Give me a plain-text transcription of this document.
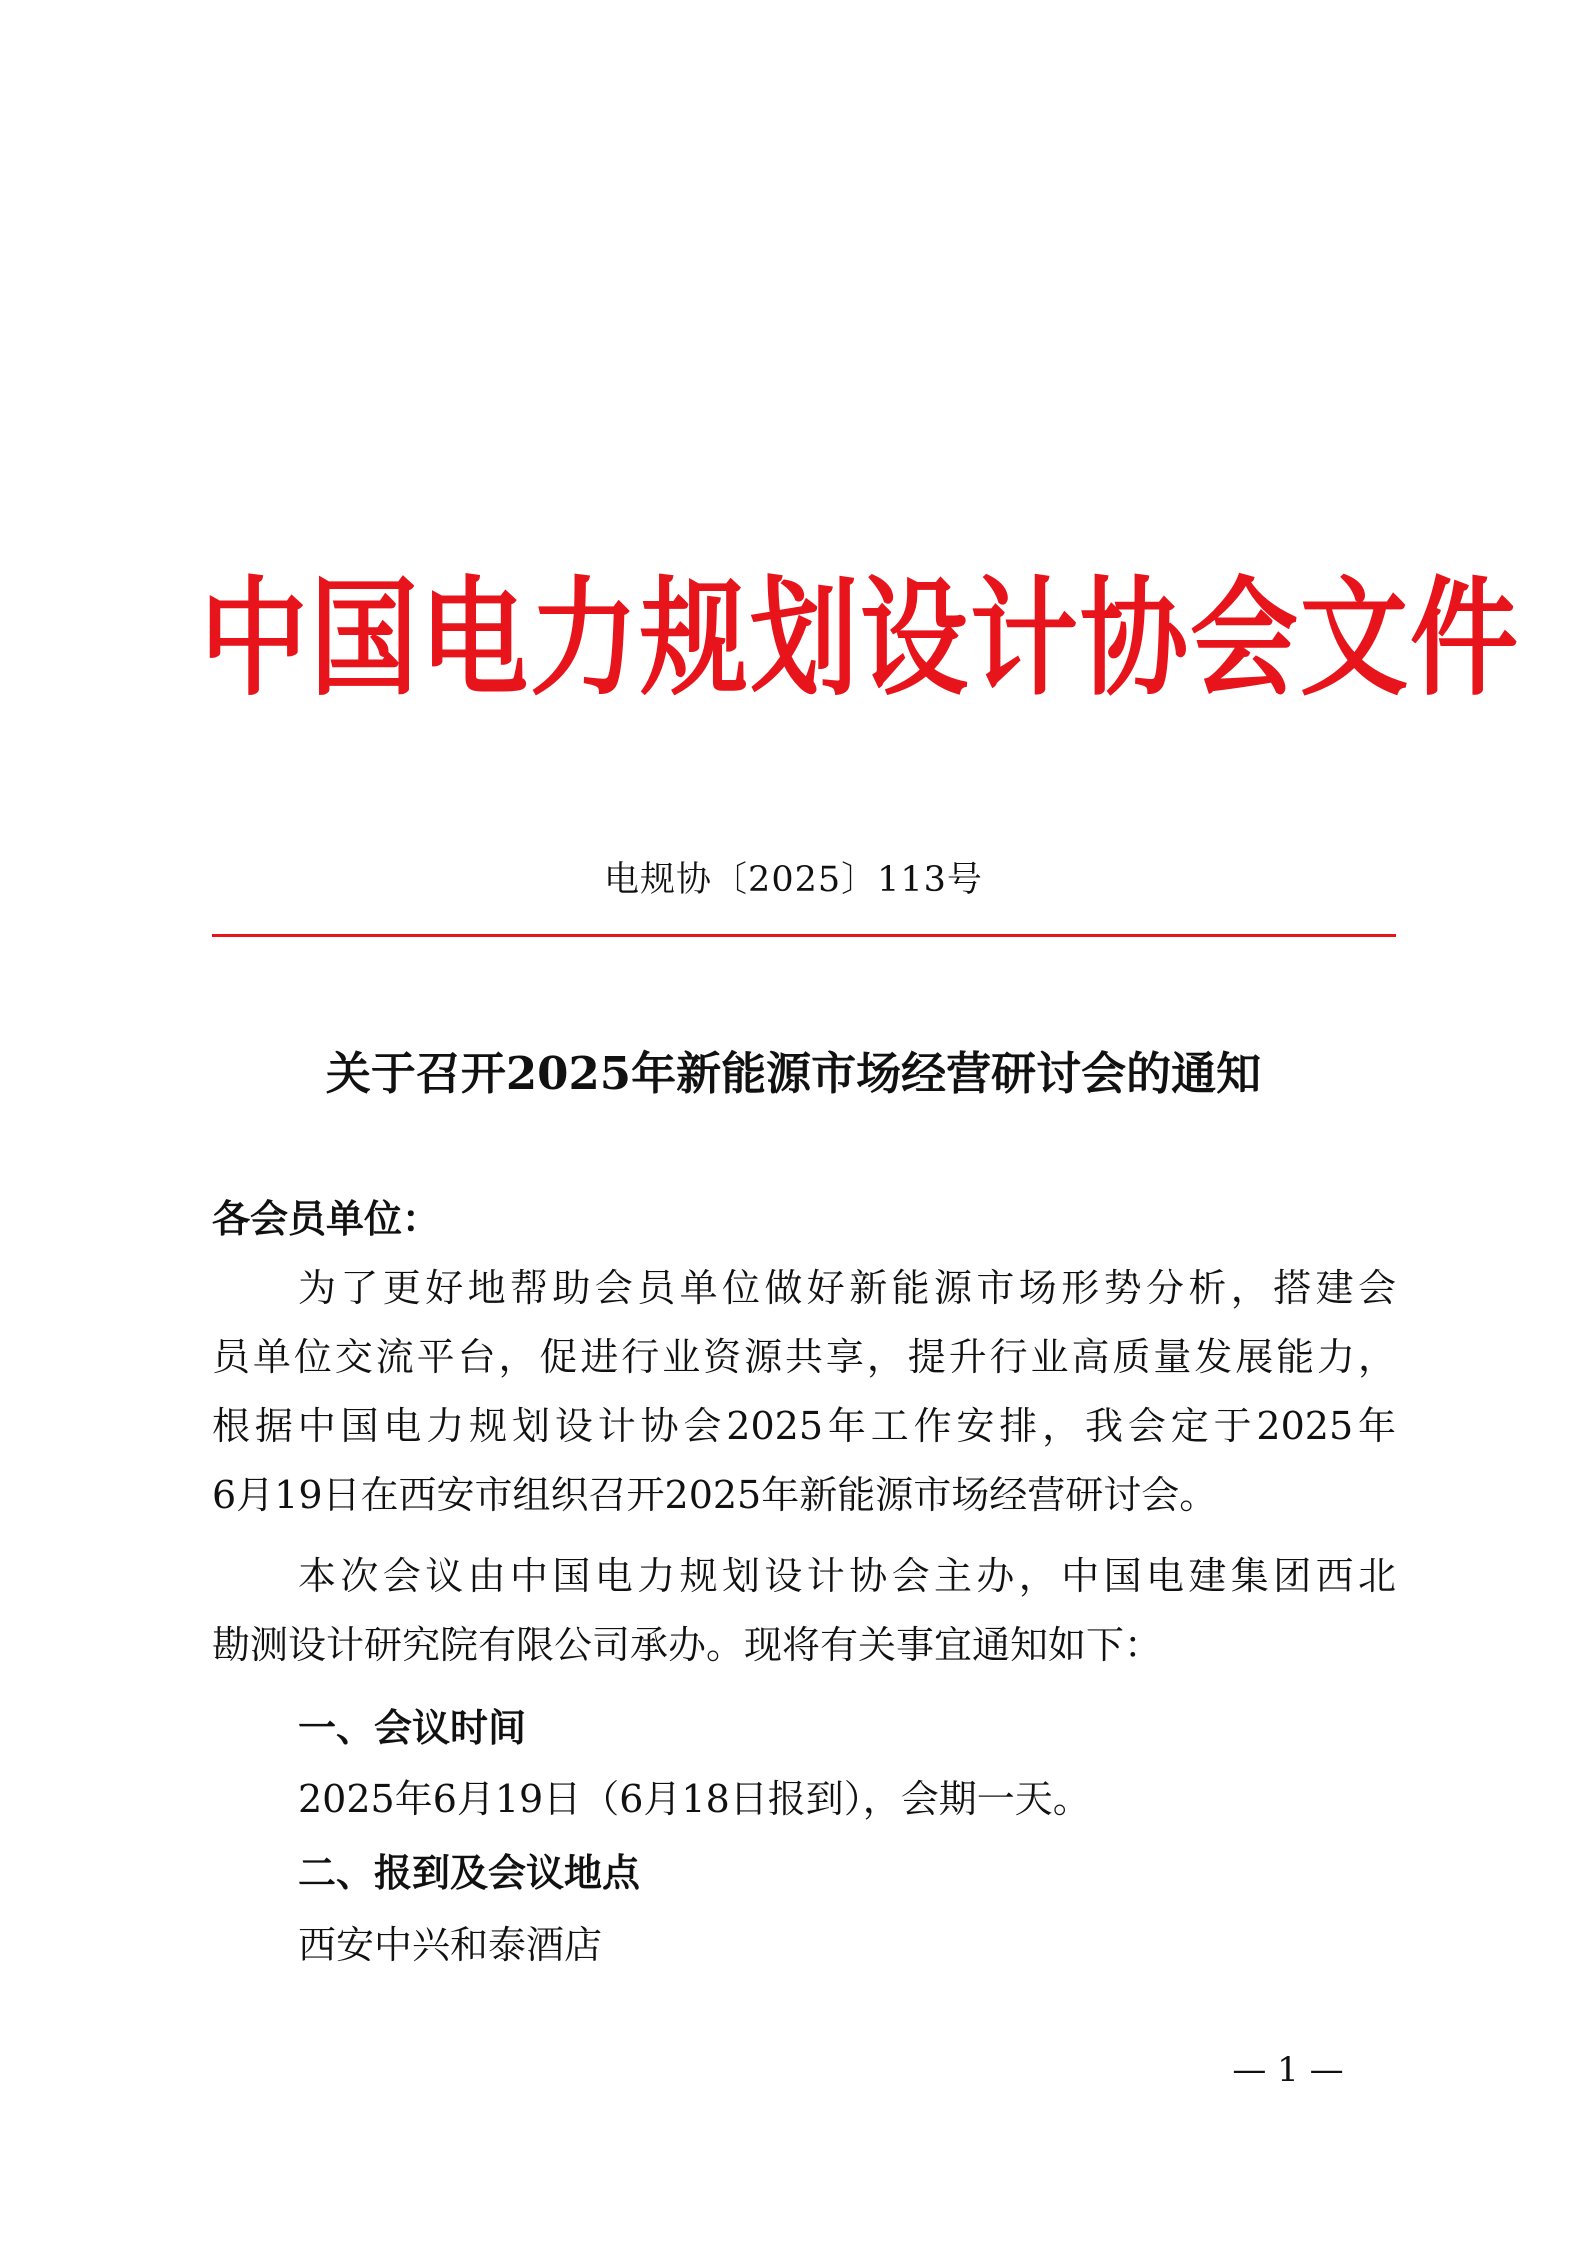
中国电力规划设计协会文件
电规协〔2025〕113号
关于召开2025年新能源市场经营研讨会的通知
各会员单位：
为了更好地帮助会员单位做好新能源市场形势分析，搭建会
员单位交流平台，促进行业资源共享，提升行业高质量发展能力，
根据中国电力规划设计协会2025年工作安排，我会定于2025年
6月19日在西安市组织召开2025年新能源市场经营研讨会。
本次会议由中国电力规划设计协会主办，中国电建集团西北
勘测设计研究院有限公司承办。现将有关事宜通知如下：
一、会议时间
2025年6月19日（6月18日报到），会期一天。
二、报到及会议地点
西安中兴和泰酒店
— 1 —
